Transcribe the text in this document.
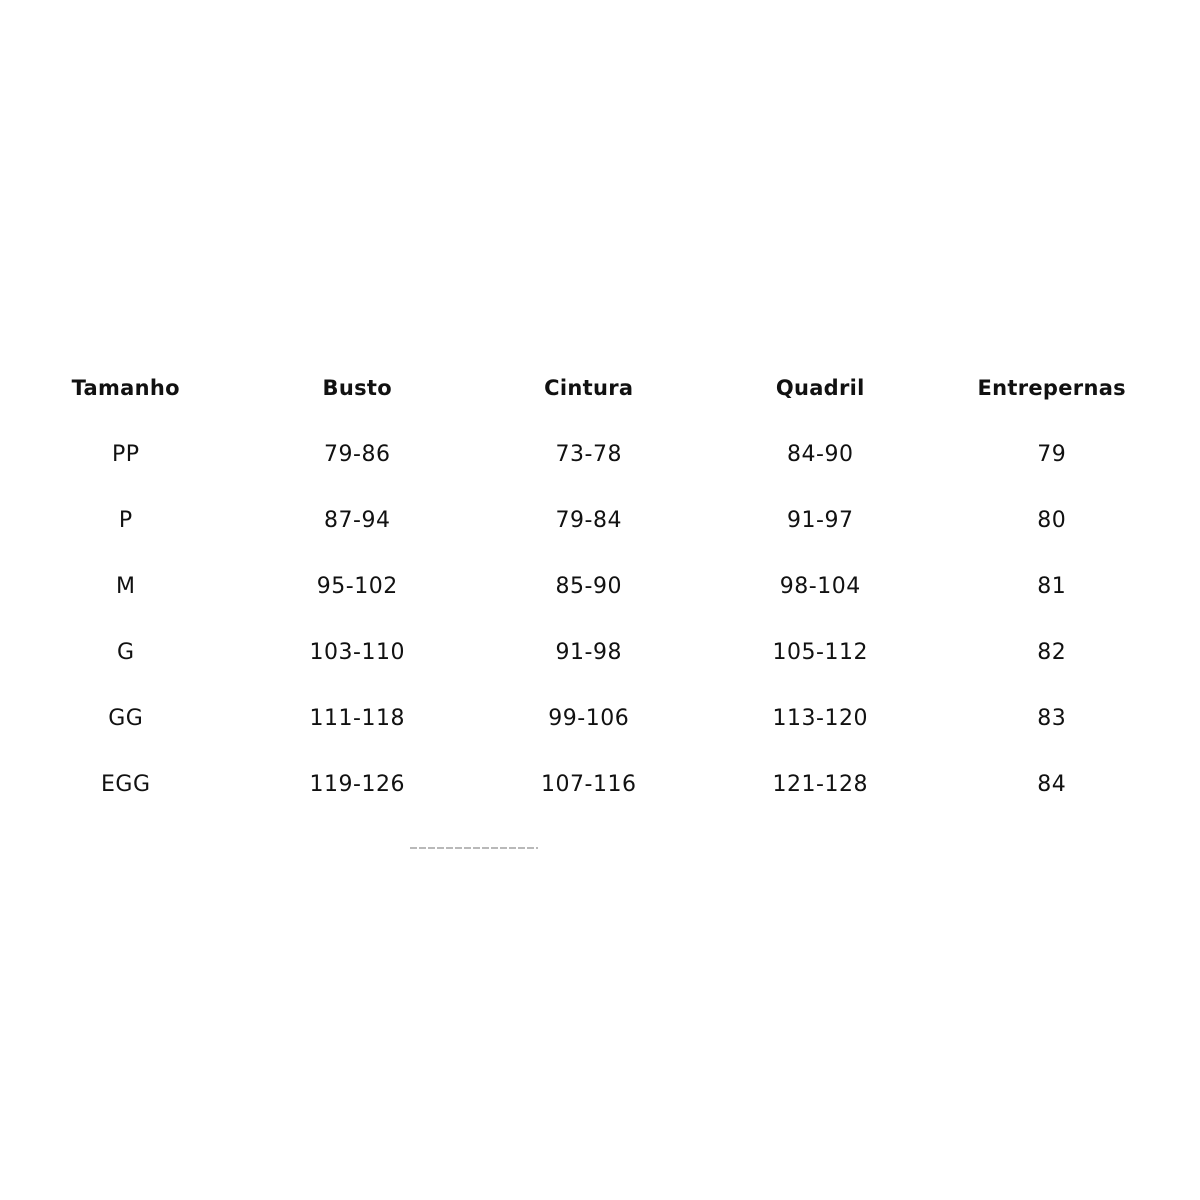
Tamanho	Busto	Cintura	Quadril	Entrepernas
PP	79-86	73-78	84-90	79
P	87-94	79-84	91-97	80
M	95-102	85-90	98-104	81
G	103-110	91-98	105-112	82
GG	111-118	99-106	113-120	83
EGG	119-126	107-116	121-128	84
